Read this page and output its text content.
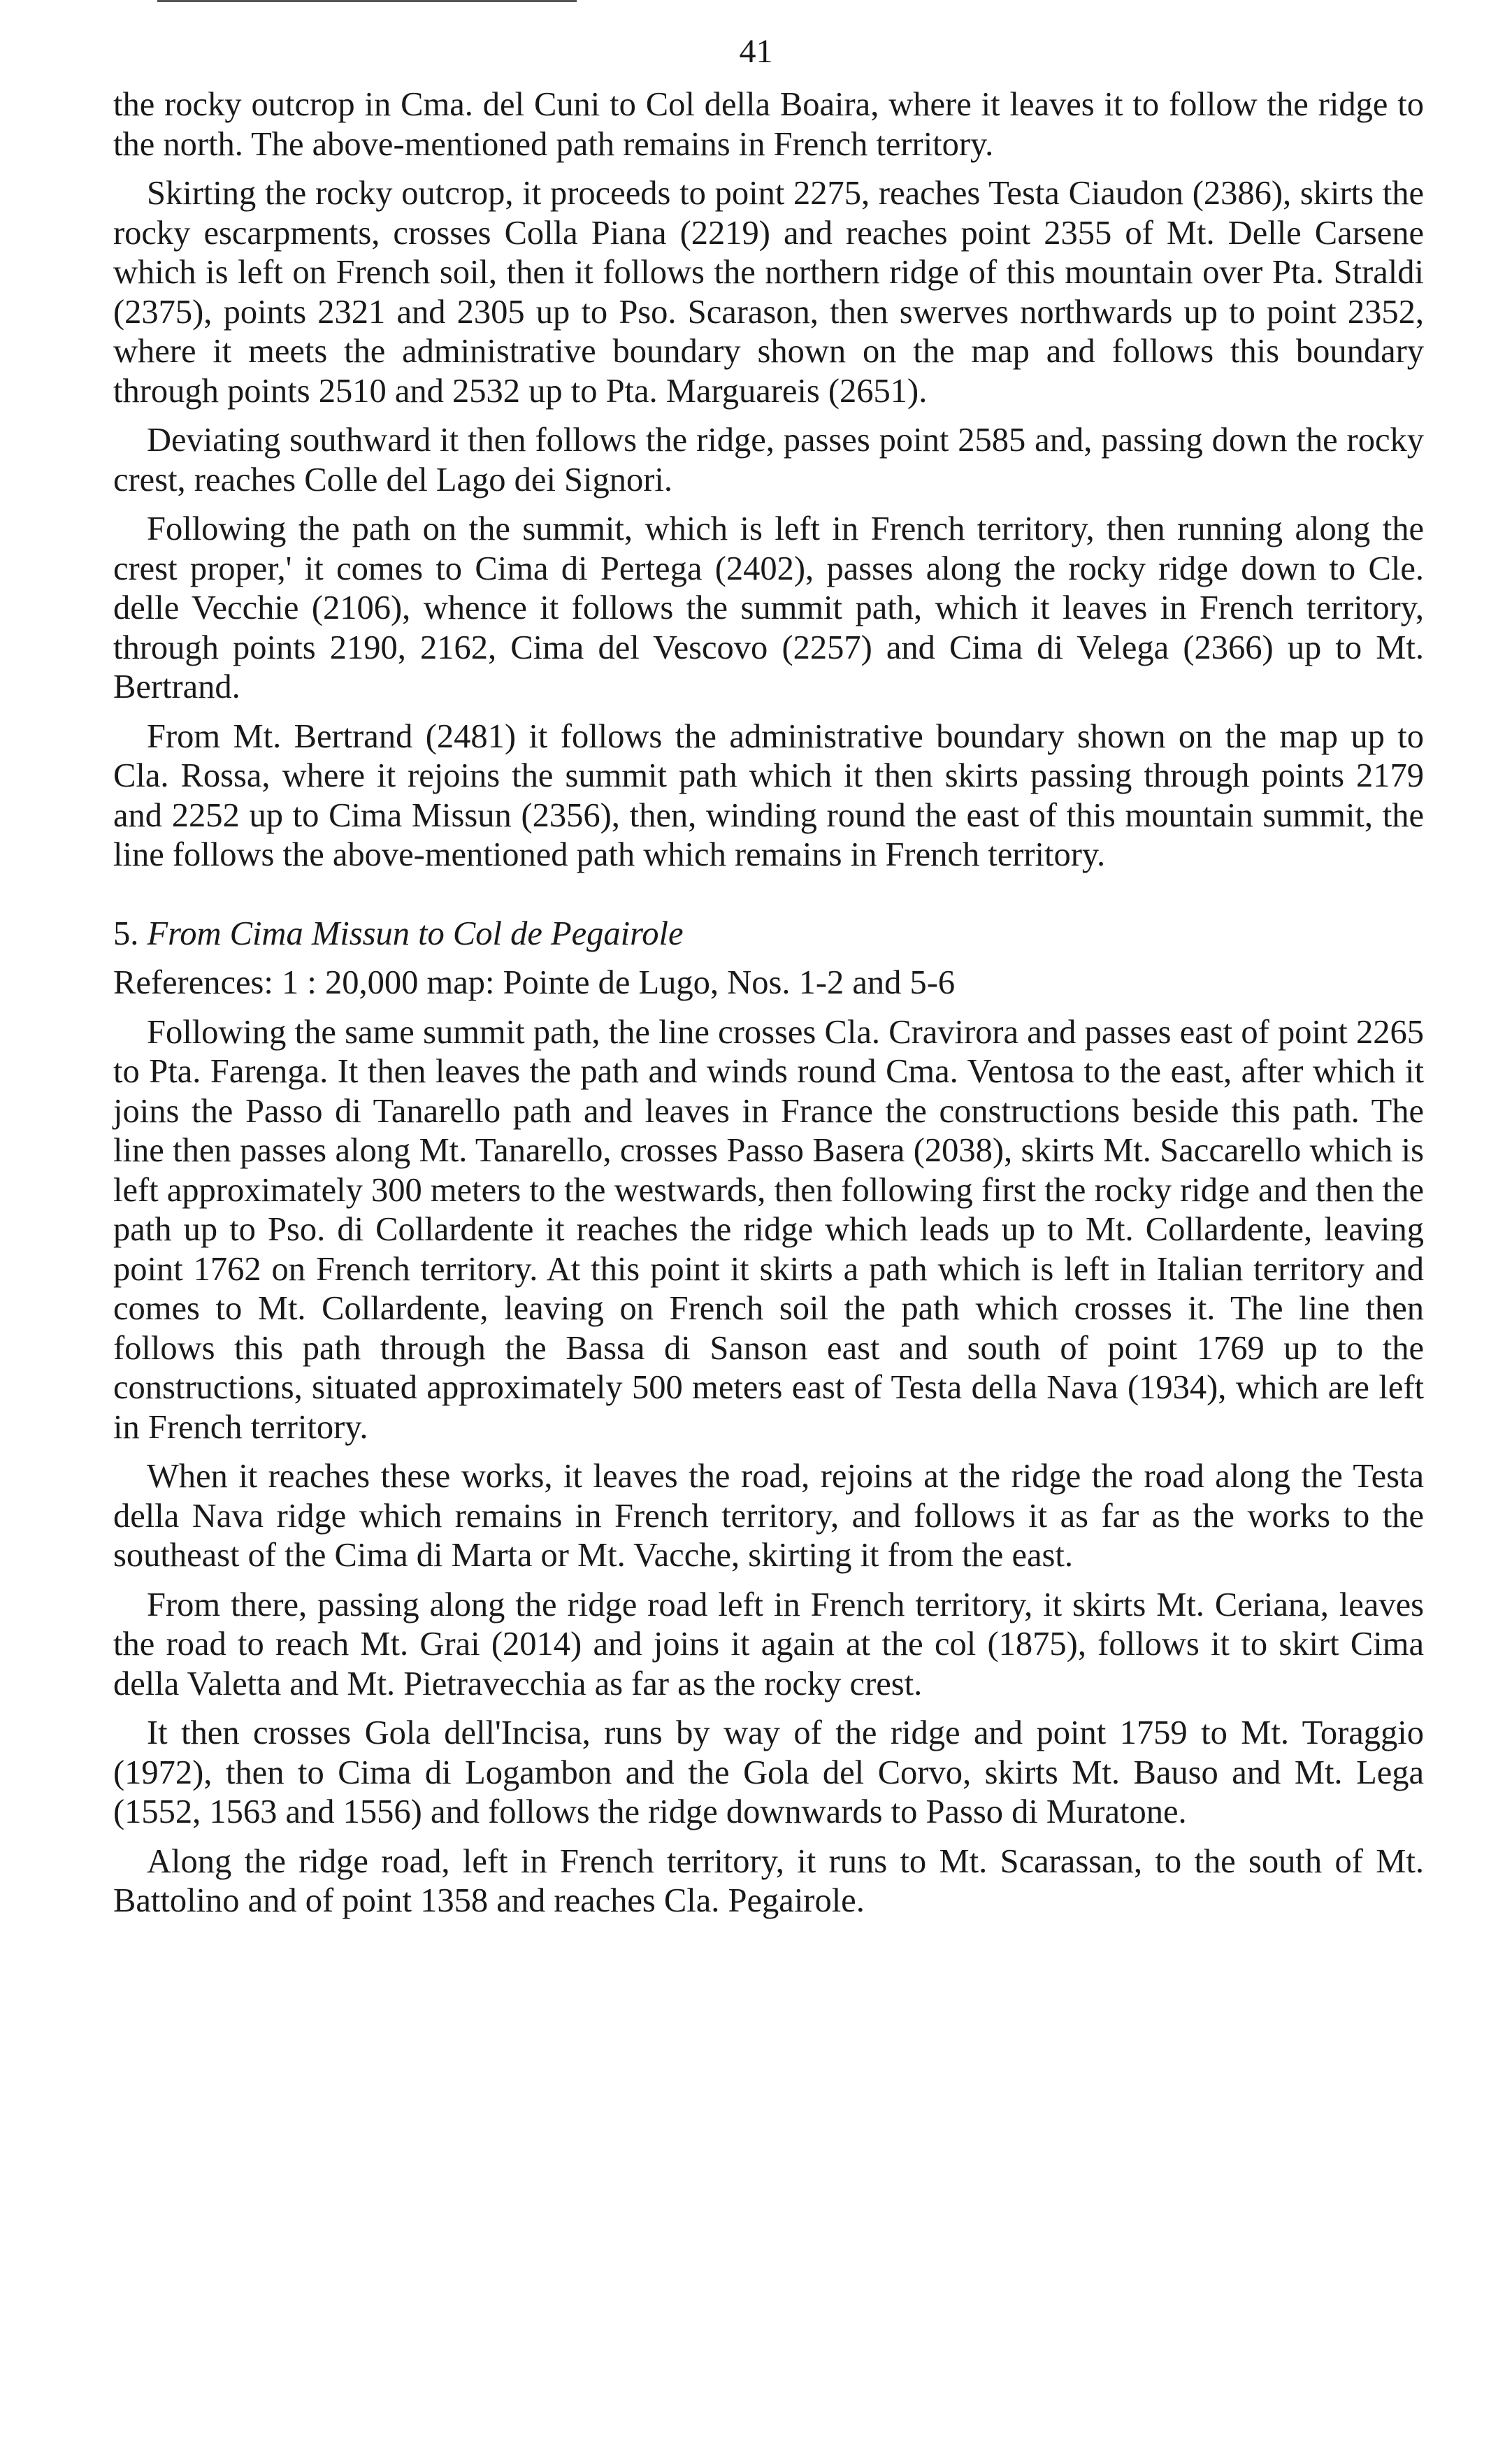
41

the rocky outcrop in Cma. del Cuni to Col della Boaira, where it leaves it to follow the ridge to the north. The above-mentioned path remains in French territory.

Skirting the rocky outcrop, it proceeds to point 2275, reaches Testa Ciaudon (2386), skirts the rocky escarpments, crosses Colla Piana (2219) and reaches point 2355 of Mt. Delle Carsene which is left on French soil, then it follows the northern ridge of this mountain over Pta. Straldi (2375), points 2321 and 2305 up to Pso. Scarason, then swerves northwards up to point 2352, where it meets the administrative boundary shown on the map and follows this boundary through points 2510 and 2532 up to Pta. Marguareis (2651).

Deviating southward it then follows the ridge, passes point 2585 and, passing down the rocky crest, reaches Colle del Lago dei Signori.

Following the path on the summit, which is left in French territory, then running along the crest proper,' it comes to Cima di Pertega (2402), passes along the rocky ridge down to Cle. delle Vecchie (2106), whence it follows the summit path, which it leaves in French territory, through points 2190, 2162, Cima del Vescovo (2257) and Cima di Velega (2366) up to Mt. Bertrand.

From Mt. Bertrand (2481) it follows the administrative boundary shown on the map up to Cla. Rossa, where it rejoins the summit path which it then skirts passing through points 2179 and 2252 up to Cima Missun (2356), then, winding round the east of this mountain summit, the line follows the above-mentioned path which remains in French territory.

5. From Cima Missun to Col de Pegairole

References: 1 : 20,000 map: Pointe de Lugo, Nos. 1-2 and 5-6

Following the same summit path, the line crosses Cla. Cravirora and passes east of point 2265 to Pta. Farenga. It then leaves the path and winds round Cma. Ventosa to the east, after which it joins the Passo di Tanarello path and leaves in France the constructions beside this path. The line then passes along Mt. Tanarello, crosses Passo Basera (2038), skirts Mt. Saccarello which is left approximately 300 meters to the westwards, then following first the rocky ridge and then the path up to Pso. di Collardente it reaches the ridge which leads up to Mt. Collardente, leaving point 1762 on French territory. At this point it skirts a path which is left in Italian territory and comes to Mt. Collardente, leaving on French soil the path which crosses it. The line then follows this path through the Bassa di Sanson east and south of point 1769 up to the constructions, situated approximately 500 meters east of Testa della Nava (1934), which are left in French territory.

When it reaches these works, it leaves the road, rejoins at the ridge the road along the Testa della Nava ridge which remains in French territory, and follows it as far as the works to the southeast of the Cima di Marta or Mt. Vacche, skirting it from the east.

From there, passing along the ridge road left in French territory, it skirts Mt. Ceriana, leaves the road to reach Mt. Grai (2014) and joins it again at the col (1875), follows it to skirt Cima della Valetta and Mt. Pietravecchia as far as the rocky crest.

It then crosses Gola dell'Incisa, runs by way of the ridge and point 1759 to Mt. Toraggio (1972), then to Cima di Logambon and the Gola del Corvo, skirts Mt. Bauso and Mt. Lega (1552, 1563 and 1556) and follows the ridge downwards to Passo di Muratone.

Along the ridge road, left in French territory, it runs to Mt. Scarassan, to the south of Mt. Battolino and of point 1358 and reaches Cla. Pegairole.
